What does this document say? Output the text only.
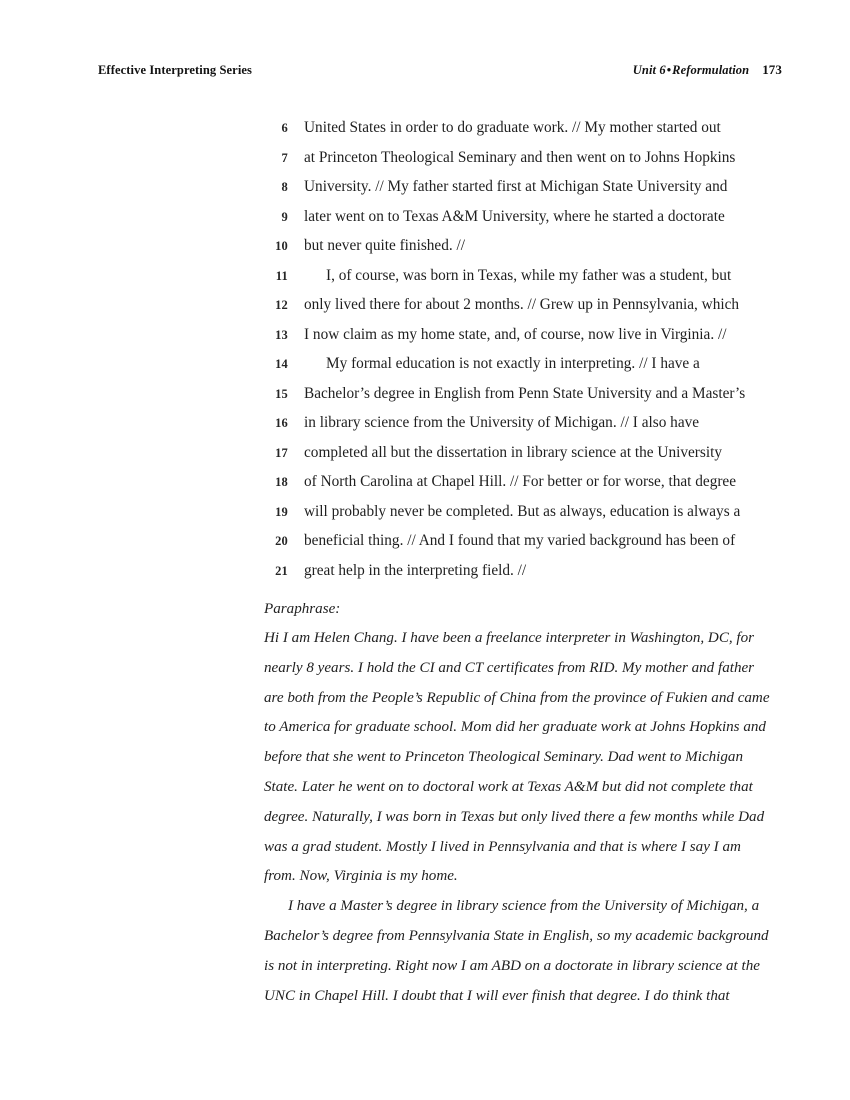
Effective Interpreting Series	Unit 6•Reformulation 173
6 United States in order to do graduate work. // My mother started out
7 at Princeton Theological Seminary and then went on to Johns Hopkins
8 University. // My father started first at Michigan State University and
9 later went on to Texas A&M University, where he started a doctorate
10 but never quite finished. //
11	I, of course, was born in Texas, while my father was a student, but
12 only lived there for about 2 months. // Grew up in Pennsylvania, which
13 I now claim as my home state, and, of course, now live in Virginia. //
14	My formal education is not exactly in interpreting. // I have a
15 Bachelor’s degree in English from Penn State University and a Master’s
16 in library science from the University of Michigan. // I also have
17 completed all but the dissertation in library science at the University
18 of North Carolina at Chapel Hill. // For better or for worse, that degree
19 will probably never be completed. But as always, education is always a
20 beneficial thing. // And I found that my varied background has been of
21 great help in the interpreting field. //
Paraphrase:
Hi I am Helen Chang. I have been a freelance interpreter in Washington, DC, for
nearly 8 years. I hold the CI and CT certificates from RID. My mother and father
are both from the People’s Republic of China from the province of Fukien and came
to America for graduate school. Mom did her graduate work at Johns Hopkins and
before that she went to Princeton Theological Seminary. Dad went to Michigan
State. Later he went on to doctoral work at Texas A&M but did not complete that
degree. Naturally, I was born in Texas but only lived there a few months while Dad
was a grad student. Mostly I lived in Pennsylvania and that is where I say I am
from. Now, Virginia is my home.
I have a Master’s degree in library science from the University of Michigan, a
Bachelor’s degree from Pennsylvania State in English, so my academic background
is not in interpreting. Right now I am ABD on a doctorate in library science at the
UNC in Chapel Hill. I doubt that I will ever finish that degree. I do think that
